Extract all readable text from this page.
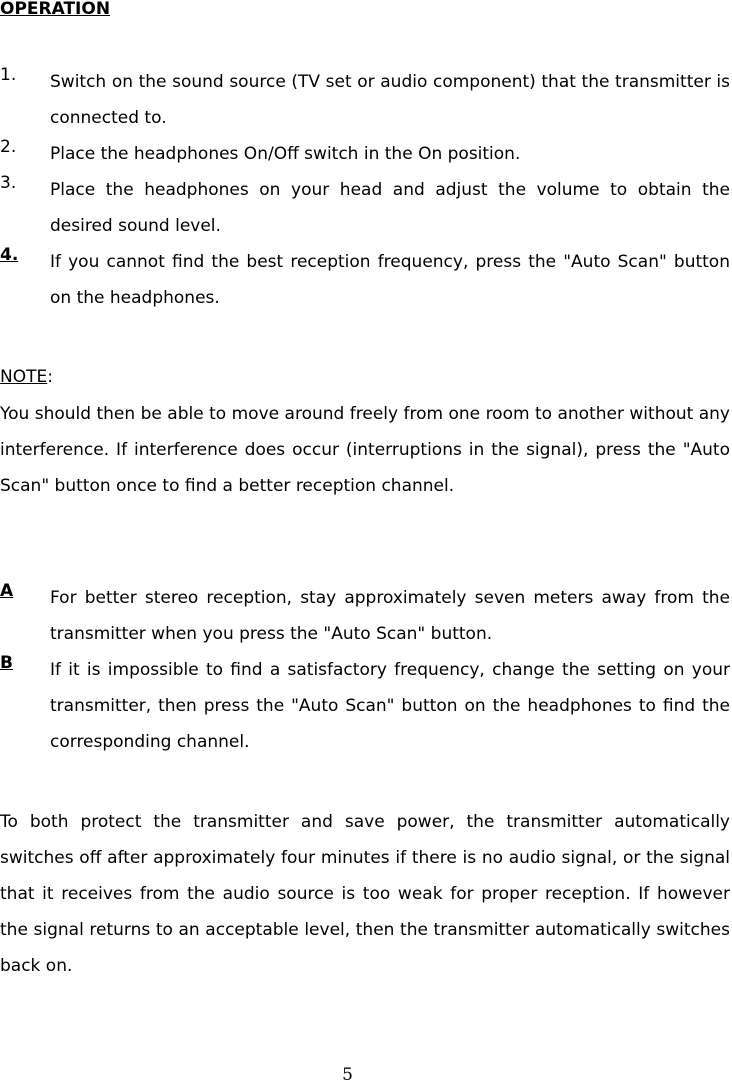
OPERATION
1.	Switch on the sound source (TV set or audio component) that the transmitter is connected to.
2.	Place the headphones On/Off switch in the On position.
3.	Place the headphones on your head and adjust the volume to obtain the desired sound level.
4.	If you cannot find the best reception frequency, press the "Auto Scan" button on the headphones.
NOTE:
You should then be able to move around freely from one room to another without any interference. If interference does occur (interruptions in the signal), press the "Auto Scan" button once to find a better reception channel.
A	For better stereo reception, stay approximately seven meters away from the transmitter when you press the "Auto Scan" button.
B	If it is impossible to find a satisfactory frequency, change the setting on your transmitter, then press the "Auto Scan" button on the headphones to find the corresponding channel.
To both protect the transmitter and save power, the transmitter automatically switches off after approximately four minutes if there is no audio signal, or the signal that it receives from the audio source is too weak for proper reception. If however the signal returns to an acceptable level, then the transmitter automatically switches back on.
5
